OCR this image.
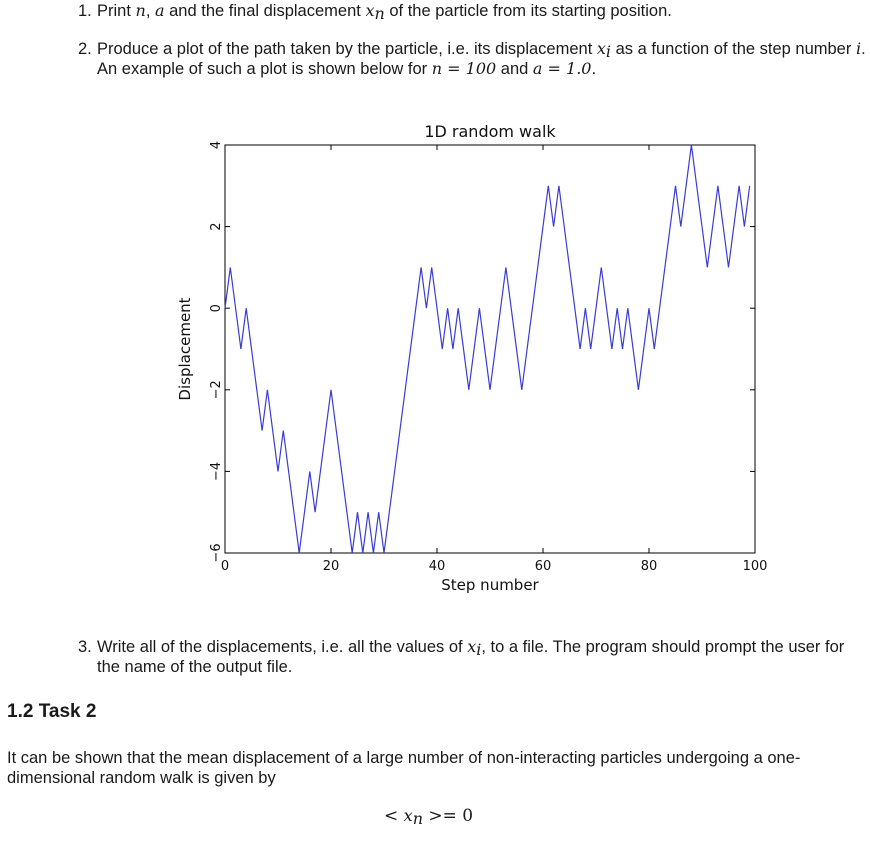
1. Print n, a and the final displacement $x_n$ of the particle from its starting position.
2. Produce a plot of the path taken by the particle, i.e. its displacement $x_i$ as a function of the step number i. An example of such a plot is shown below for n = 100 and a = 1.0.
1D random walk
0	20	40	60	80	100
−6
−4
−2
0
2
4
Step number
Displacement
3. Write all of the displacements, i.e. all the values of $x_i$, to a file. The program should prompt the user for the name of the output file.
1.2 Task 2
It can be shown that the mean displacement of a large number of non-interacting particles undergoing a one-dimensional random walk is given by
< $x_n >= 0$
